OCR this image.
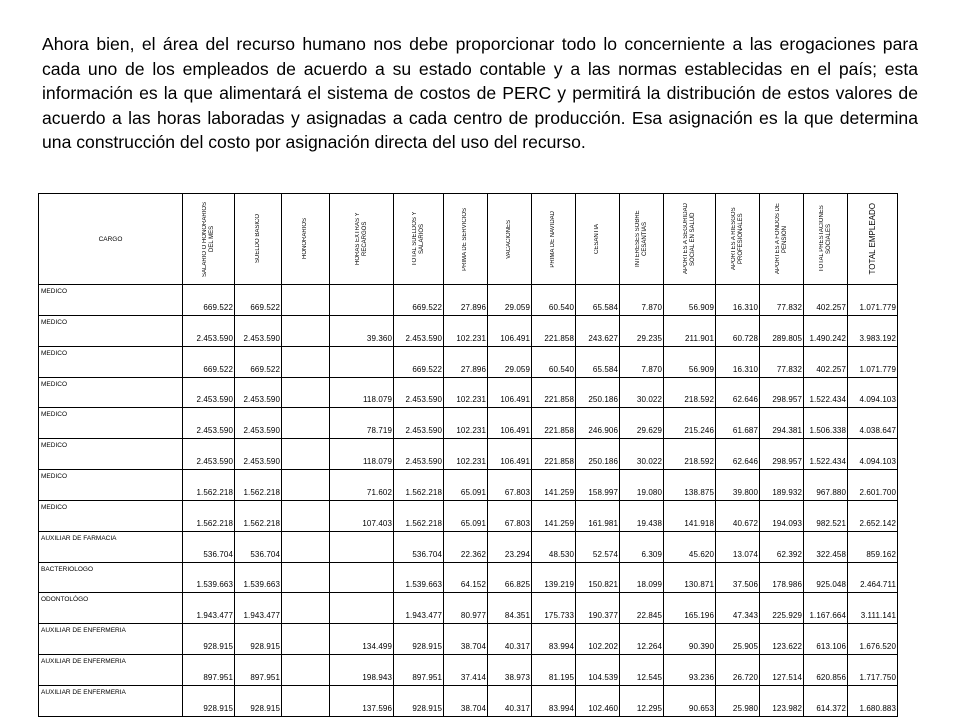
Ahora bien, el área del recurso humano nos debe proporcionar todo lo concerniente a las erogaciones para cada uno de los empleados de acuerdo a su estado contable y a las normas establecidas en el país; esta información es la que alimentará el sistema de costos de PERC y permitirá la distribución de estos valores de acuerdo a las horas laboradas y asignadas a cada centro de producción. Esa asignación es la que determina una construcción del costo por asignación directa del uso del recurso.

CARGO	SALARIO O HONORARIOS DEL MES	SUELDO BASICO	HONORARIOS	HORAS EXTRAS Y RECARGOS	TOTAL SUELDOS Y SALARIOS	PRIMA DE SERVICIOS	VACACIONES	PRIMA DE NAVIDAD	CESANTIA	INTERESES SOBRE CESANTIAS	APORTES A SEGURIDAD SOCIAL EN SALUD	APORTES A RIESGOS PROFESIONALES	APORTES A FONDOS DE PENSION	TOTAL PRESTACIONES SOCIALES	TOTAL EMPLEADO

MEDICO	669.522	669.522			669.522	27.896	29.059	60.540	65.584	7.870	56.909	16.310	77.832	402.257	1.071.779
MEDICO	2.453.590	2.453.590		39.360	2.453.590	102.231	106.491	221.858	243.627	29.235	211.901	60.728	289.805	1.490.242	3.983.192
MEDICO	669.522	669.522			669.522	27.896	29.059	60.540	65.584	7.870	56.909	16.310	77.832	402.257	1.071.779
MEDICO	2.453.590	2.453.590		118.079	2.453.590	102.231	106.491	221.858	250.186	30.022	218.592	62.646	298.957	1.522.434	4.094.103
MEDICO	2.453.590	2.453.590		78.719	2.453.590	102.231	106.491	221.858	246.906	29.629	215.246	61.687	294.381	1.506.338	4.038.647
MEDICO	2.453.590	2.453.590		118.079	2.453.590	102.231	106.491	221.858	250.186	30.022	218.592	62.646	298.957	1.522.434	4.094.103
MEDICO	1.562.218	1.562.218		71.602	1.562.218	65.091	67.803	141.259	158.997	19.080	138.875	39.800	189.932	967.880	2.601.700
MEDICO	1.562.218	1.562.218		107.403	1.562.218	65.091	67.803	141.259	161.981	19.438	141.918	40.672	194.093	982.521	2.652.142
AUXILIAR DE FARMACIA	536.704	536.704			536.704	22.362	23.294	48.530	52.574	6.309	45.620	13.074	62.392	322.458	859.162
BACTERIOLOGO	1.539.663	1.539.663			1.539.663	64.152	66.825	139.219	150.821	18.099	130.871	37.506	178.986	925.048	2.464.711
ODONTOLÓGO	1.943.477	1.943.477			1.943.477	80.977	84.351	175.733	190.377	22.845	165.196	47.343	225.929	1.167.664	3.111.141
AUXILIAR DE ENFERMERIA	928.915	928.915		134.499	928.915	38.704	40.317	83.994	102.202	12.264	90.390	25.905	123.622	613.106	1.676.520
AUXILIAR DE ENFERMERIA	897.951	897.951		198.943	897.951	37.414	38.973	81.195	104.539	12.545	93.236	26.720	127.514	620.856	1.717.750
AUXILIAR DE ENFERMERIA	928.915	928.915		137.596	928.915	38.704	40.317	83.994	102.460	12.295	90.653	25.980	123.982	614.372	1.680.883
